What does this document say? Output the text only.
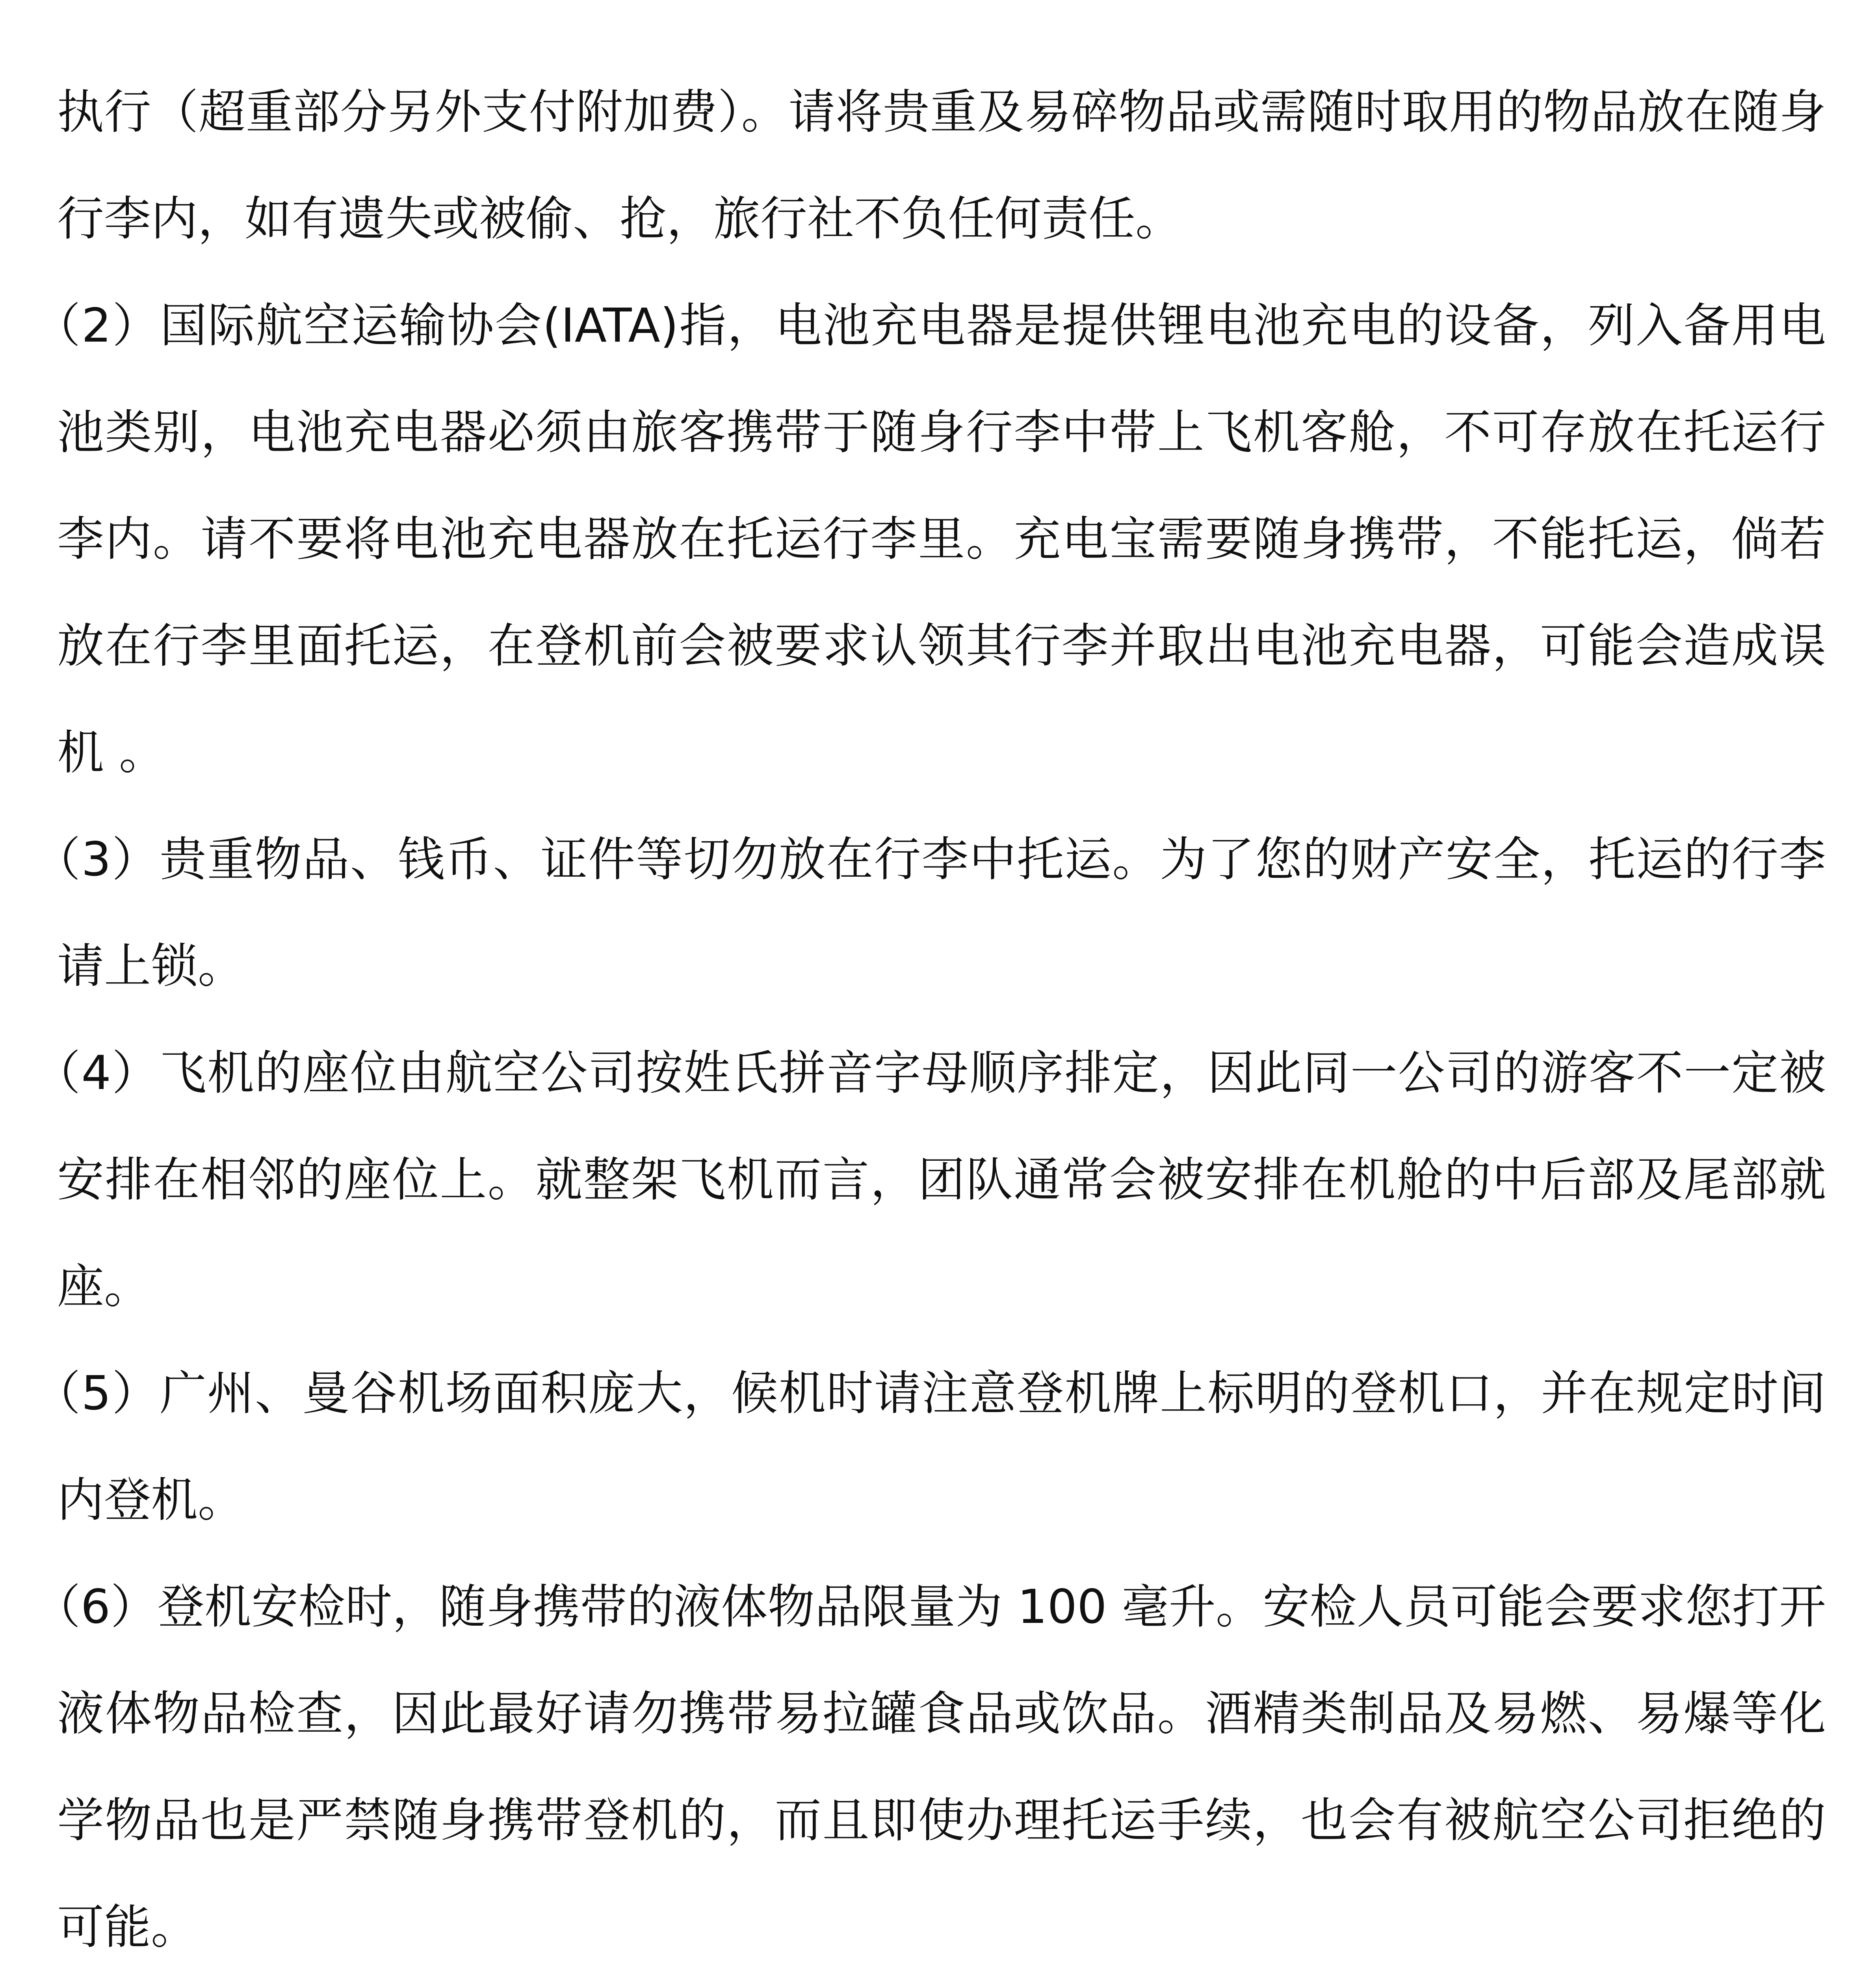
执行（超重部分另外支付附加费）。请将贵重及易碎物品或需随时取用的物品放在随身行李内，如有遗失或被偷、抢，旅行社不负任何责任。

（2）国际航空运输协会(IATA)指，电池充电器是提供锂电池充电的设备，列入备用电池类别，电池充电器必须由旅客携带于随身行李中带上飞机客舱，不可存放在托运行李内。请不要将电池充电器放在托运行李里。充电宝需要随身携带，不能托运，倘若放在行李里面托运，在登机前会被要求认领其行李并取出电池充电器，可能会造成误机 。

（3）贵重物品、钱币、证件等切勿放在行李中托运。为了您的财产安全，托运的行李请上锁。

（4）飞机的座位由航空公司按姓氏拼音字母顺序排定，因此同一公司的游客不一定被安排在相邻的座位上。就整架飞机而言，团队通常会被安排在机舱的中后部及尾部就座。

（5）广州、曼谷机场面积庞大，候机时请注意登机牌上标明的登机口，并在规定时间内登机。

（6）登机安检时，随身携带的液体物品限量为 100 毫升。安检人员可能会要求您打开液体物品检查，因此最好请勿携带易拉罐食品或饮品。酒精类制品及易燃、易爆等化学物品也是严禁随身携带登机的，而且即使办理托运手续，也会有被航空公司拒绝的可能。
